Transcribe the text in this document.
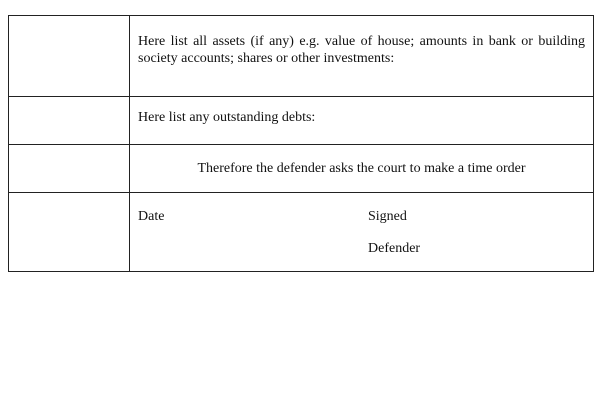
	Here list all assets (if any) e.g. value of house; amounts in bank or building society accounts; shares or other investments:

	Here list any outstanding debts:

	Therefore the defender asks the court to make a time order

	Date Signed
Defender
